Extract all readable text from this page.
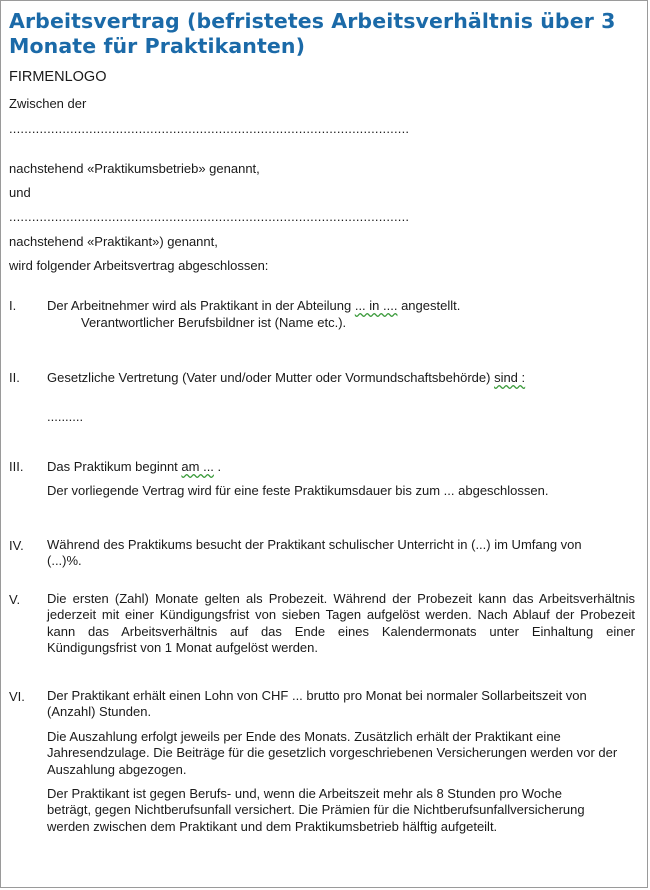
Arbeitsvertrag (befristetes Arbeitsverhältnis über 3 Monate für Praktikanten)
FIRMENLOGO
Zwischen der
.........................................................................................................
nachstehend «Praktikumsbetrieb» genannt,
und
.........................................................................................................
nachstehend «Praktikant») genannt,
wird folgender Arbeitsvertrag abgeschlossen:
I. Der Arbeitnehmer wird als Praktikant in der Abteilung ... in .... angestellt.
Verantwortlicher Berufsbildner ist (Name etc.).
II. Gesetzliche Vertretung (Vater und/oder Mutter oder Vormundschaftsbehörde) sind :
..........
III. Das Praktikum beginnt am ... .
Der vorliegende Vertrag wird für eine feste Praktikumsdauer bis zum ... abgeschlossen.
IV. Während des Praktikums besucht der Praktikant schulischer Unterricht in (...) im Umfang von (...)%.
V. Die ersten (Zahl) Monate gelten als Probezeit. Während der Probezeit kann das Arbeitsverhältnis jederzeit mit einer Kündigungsfrist von sieben Tagen aufgelöst werden. Nach Ablauf der Probezeit kann das Arbeitsverhältnis auf das Ende eines Kalendermonats unter Einhaltung einer Kündigungsfrist von 1 Monat aufgelöst werden.
VI. Der Praktikant erhält einen Lohn von CHF ... brutto pro Monat bei normaler Sollarbeitszeit von (Anzahl) Stunden.
Die Auszahlung erfolgt jeweils per Ende des Monats. Zusätzlich erhält der Praktikant eine Jahresendzulage. Die Beiträge für die gesetzlich vorgeschriebenen Versicherungen werden vor der Auszahlung abgezogen.
Der Praktikant ist gegen Berufs- und, wenn die Arbeitszeit mehr als 8 Stunden pro Woche beträgt, gegen Nichtberufsunfall versichert. Die Prämien für die Nichtberufsunfallversicherung werden zwischen dem Praktikant und dem Praktikumsbetrieb hälftig aufgeteilt.
